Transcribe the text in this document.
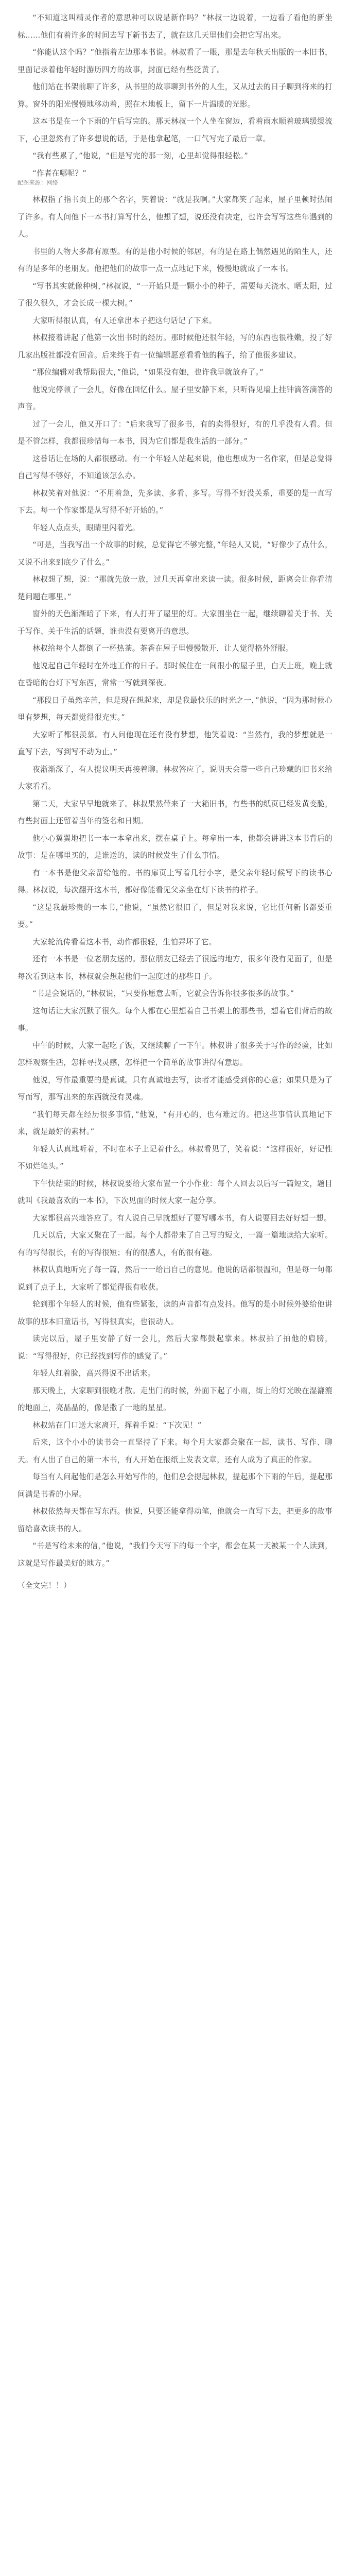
“不知道这叫精灵作者的意思种可以说是新作吗？”林叔一边说着，一边看了看他的新坐标……他们有着许多的时间去写下新书去了，就在这几天里他们会把它写出来。

“你能认这个吗？”他指着左边那本书说。林叔看了一眼，那是去年秋天出版的一本旧书，里面记录着他年轻时游历四方的故事，封面已经有些泛黄了。

他们站在书架前聊了许多，从书里的故事聊到书外的人生，又从过去的日子聊到将来的打算。窗外的阳光慢慢地移动着，照在木地板上，留下一片温暖的光影。

这本书是在一个下雨的午后写完的。那天林叔一个人坐在窗边，看着雨水顺着玻璃缓缓流下，心里忽然有了许多想说的话，于是他拿起笔，一口气写完了最后一章。

“我有些累了，”他说，“但是写完的那一刻，心里却觉得很轻松。”

“作者在哪呢？”

配图来源：网络

林叔指了指书页上的那个名字，笑着说：“就是我啊。”大家都笑了起来，屋子里顿时热闹了许多。有人问他下一本书打算写什么，他想了想，说还没有决定，也许会写写这些年遇到的人。

书里的人物大多都有原型。有的是他小时候的邻居，有的是在路上偶然遇见的陌生人，还有的是多年的老朋友。他把他们的故事一点一点地记下来，慢慢地就成了一本书。

“写书其实就像种树，”林叔说，“一开始只是一颗小小的种子，需要每天浇水、晒太阳，过了很久很久，才会长成一棵大树。”

大家听得很认真，有人还拿出本子把这句话记了下来。

林叔接着讲起了他第一次出书时的经历。那时候他还很年轻，写的东西也很稚嫩，投了好几家出版社都没有回音。后来终于有一位编辑愿意看看他的稿子，给了他很多建议。

“那位编辑对我帮助很大，”他说，“如果没有她，也许我早就放弃了。”

他说完停顿了一会儿，好像在回忆什么。屋子里安静下来，只听得见墙上挂钟滴答滴答的声音。

过了一会儿，他又开口了：“后来我写了很多书，有的卖得很好，有的几乎没有人看。但是不管怎样，我都很珍惜每一本书，因为它们都是我生活的一部分。”

这番话让在场的人都很感动。有一个年轻人站起来说，他也想成为一名作家，但是总觉得自己写得不够好，不知道该怎么办。

林叔笑着对他说：“不用着急，先多读、多看、多写。写得不好没关系，重要的是一直写下去。每一个作家都是从写得不好开始的。”

年轻人点点头，眼睛里闪着光。

“可是，当我写出一个故事的时候，总觉得它不够完整，”年轻人又说，“好像少了点什么，又说不出来到底少了什么。”

林叔想了想，说：“那就先放一放，过几天再拿出来读一读。很多时候，距离会让你看清楚问题在哪里。”

窗外的天色渐渐暗了下来，有人打开了屋里的灯。大家围坐在一起，继续聊着关于书、关于写作、关于生活的话题，谁也没有要离开的意思。

林叔给每个人都倒了一杯热茶。茶香在屋子里慢慢散开，让人觉得格外舒服。

他说起自己年轻时在外地工作的日子。那时候住在一间很小的屋子里，白天上班，晚上就在昏暗的台灯下写东西，常常一写就到深夜。

“那段日子虽然辛苦，但是现在想起来，却是我最快乐的时光之一，”他说，“因为那时候心里有梦想，每天都觉得很充实。”

大家听了都很羡慕。有人问他现在还有没有梦想，他笑着说：“当然有，我的梦想就是一直写下去，写到写不动为止。”

夜渐渐深了，有人提议明天再接着聊。林叔答应了，说明天会带一些自己珍藏的旧书来给大家看看。

第二天，大家早早地就来了。林叔果然带来了一大箱旧书，有些书的纸页已经发黄变脆，有些封面上还留着当年的签名和日期。

他小心翼翼地把书一本一本拿出来，摆在桌子上。每拿出一本，他都会讲讲这本书背后的故事：是在哪里买的，是谁送的，读的时候发生了什么事情。

有一本书是他父亲留给他的。书的扉页上写着几行小字，是父亲年轻时候写下的读书心得。林叔说，每次翻开这本书，都好像能看见父亲坐在灯下读书的样子。

“这是我最珍贵的一本书，”他说，“虽然它很旧了，但是对我来说，它比任何新书都要重要。”

大家轮流传看着这本书，动作都很轻，生怕弄坏了它。

还有一本书是一位老朋友送的。那位朋友已经去了很远的地方，很多年没有见面了，但是每次看到这本书，林叔就会想起他们一起度过的那些日子。

“书是会说话的，”林叔说，“只要你愿意去听，它就会告诉你很多很多的故事。”

这句话让大家沉默了很久。每个人都在心里想着自己书架上的那些书，想着它们背后的故事。

中午的时候，大家一起吃了饭，又继续聊了一下午。林叔讲了很多关于写作的经验，比如怎样观察生活，怎样寻找灵感，怎样把一个简单的故事讲得有意思。

他说，写作最重要的是真诚。只有真诚地去写，读者才能感受到你的心意；如果只是为了写而写，那写出来的东西就没有灵魂。

“我们每天都在经历很多事情，”他说，“有开心的，也有难过的。把这些事情认真地记下来，就是最好的素材。”

年轻人认真地听着，不时在本子上记着什么。林叔看见了，笑着说：“这样很好，好记性不如烂笔头。”

下午快结束的时候，林叔说要给大家布置一个小作业：每个人回去以后写一篇短文，题目就叫《我最喜欢的一本书》，下次见面的时候大家一起分享。

大家都很高兴地答应了。有人说自己早就想好了要写哪本书，有人说要回去好好想一想。

几天以后，大家又聚在了一起。每个人都带来了自己写的短文，一篇一篇地读给大家听。有的写得很长，有的写得很短；有的很感人，有的很有趣。

林叔认真地听完了每一篇，然后一一给出自己的意见。他说的话都很温和，但是每一句都说到了点子上，大家听了都觉得很有收获。

轮到那个年轻人的时候，他有些紧张，读的声音都有点发抖。他写的是小时候外婆给他讲故事的那本旧童话书，写得很真实，也很动人。

读完以后，屋子里安静了好一会儿，然后大家都鼓起掌来。林叔拍了拍他的肩膀，说：“写得很好，你已经找到写作的感觉了。”

年轻人红着脸，高兴得说不出话来。

那天晚上，大家聊到很晚才散。走出门的时候，外面下起了小雨，街上的灯光映在湿漉漉的地面上，亮晶晶的，像是撒了一地的星星。

林叔站在门口送大家离开，挥着手说：“下次见！”

后来，这个小小的读书会一直坚持了下来。每个月大家都会聚在一起，读书、写作、聊天。有人出了自己的第一本书，有人开始在报纸上发表文章，还有人成为了真正的作家。

每当有人问起他们是怎么开始写作的，他们总会提起林叔，提起那个下雨的午后，提起那间满是书香的小屋。

林叔依然每天都在写东西。他说，只要还能拿得动笔，他就会一直写下去，把更多的故事留给喜欢读书的人。

“书是写给未来的信，”他说，“我们今天写下的每一个字，都会在某一天被某一个人读到，这就是写作最美好的地方。”

（全文完！！）
